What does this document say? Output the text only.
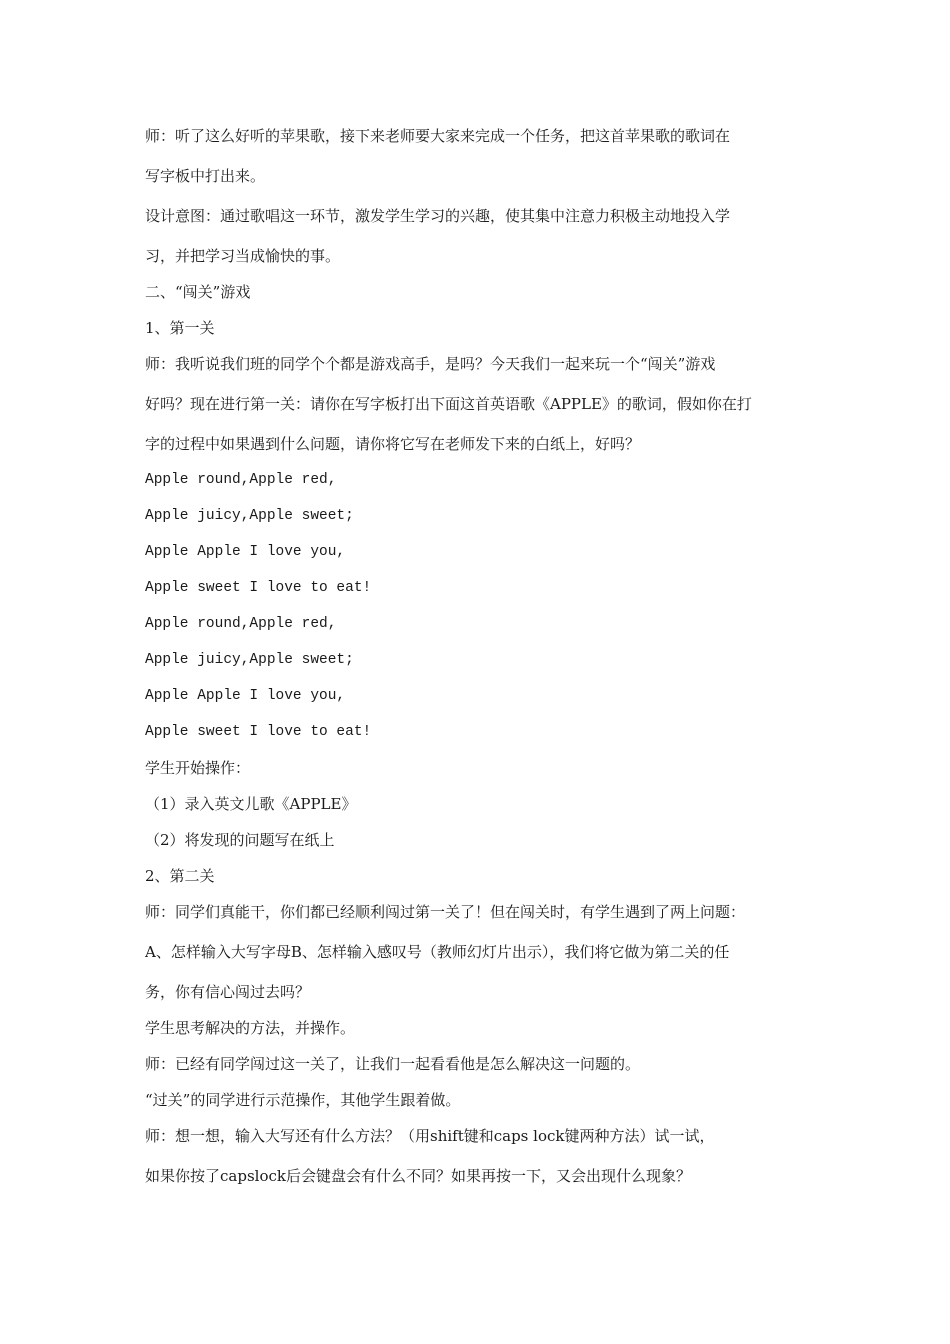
师：听了这么好听的苹果歌，接下来老师要大家来完成一个任务，把这首苹果歌的歌词在
写字板中打出来。
设计意图：通过歌唱这一环节，激发学生学习的兴趣，使其集中注意力积极主动地投入学
习，并把学习当成愉快的事。
二、“闯关”游戏
1、第一关
师：我听说我们班的同学个个都是游戏高手，是吗？今天我们一起来玩一个“闯关”游戏
好吗？现在进行第一关：请你在写字板打出下面这首英语歌《APPLE》的歌词，假如你在打
字的过程中如果遇到什么问题，请你将它写在老师发下来的白纸上，好吗？
Apple round,Apple red,
Apple juicy,Apple sweet;
Apple Apple I love you,
Apple sweet I love to eat!
Apple round,Apple red,
Apple juicy,Apple sweet;
Apple Apple I love you,
Apple sweet I love to eat!
学生开始操作：
（1）录入英文儿歌《APPLE》
（2）将发现的问题写在纸上
2、第二关
师：同学们真能干，你们都已经顺利闯过第一关了！但在闯关时，有学生遇到了两上问题：
A、怎样输入大写字母B、怎样输入感叹号（教师幻灯片出示），我们将它做为第二关的任
务，你有信心闯过去吗？
学生思考解决的方法，并操作。
师：已经有同学闯过这一关了，让我们一起看看他是怎么解决这一问题的。
“过关”的同学进行示范操作，其他学生跟着做。
师：想一想，输入大写还有什么方法？（用shift键和caps lock键两种方法）试一试，
如果你按了capslock后会键盘会有什么不同？如果再按一下，又会出现什么现象？
